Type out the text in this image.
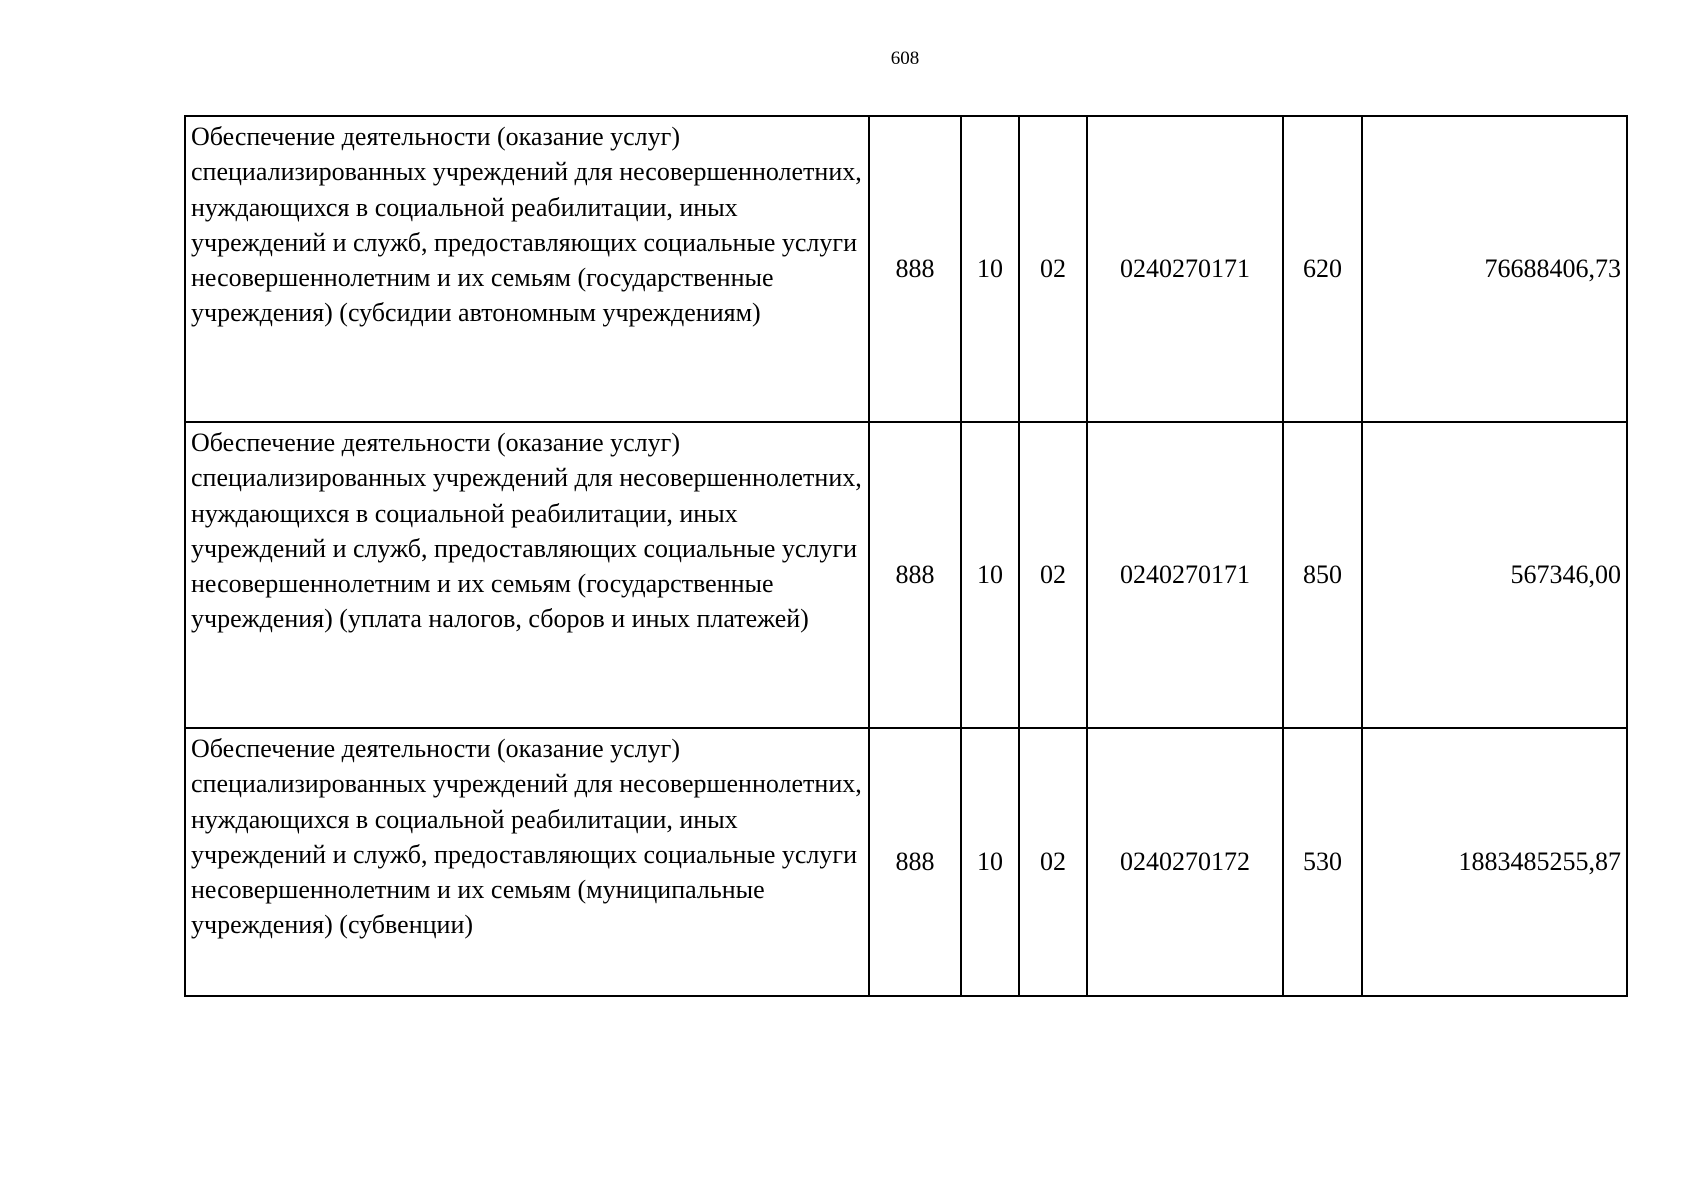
608
Обеспечение деятельности (оказание услуг) специализированных учреждений для несовершеннолетних, нуждающихся в социальной реабилитации, иных учреждений и служб, предоставляющих социальные услуги несовершеннолетним и их семьям (государственные учреждения) (субсидии автономным учреждениям)	888	10	02	0240270171	620	76688406,73
Обеспечение деятельности (оказание услуг) специализированных учреждений для несовершеннолетних, нуждающихся в социальной реабилитации, иных учреждений и служб, предоставляющих социальные услуги несовершеннолетним и их семьям (государственные учреждения) (уплата налогов, сборов и иных платежей)	888	10	02	0240270171	850	567346,00
Обеспечение деятельности (оказание услуг) специализированных учреждений для несовершеннолетних, нуждающихся в социальной реабилитации, иных учреждений и служб, предоставляющих социальные услуги несовершеннолетним и их семьям (муниципальные учреждения) (субвенции)	888	10	02	0240270172	530	1883485255,87
